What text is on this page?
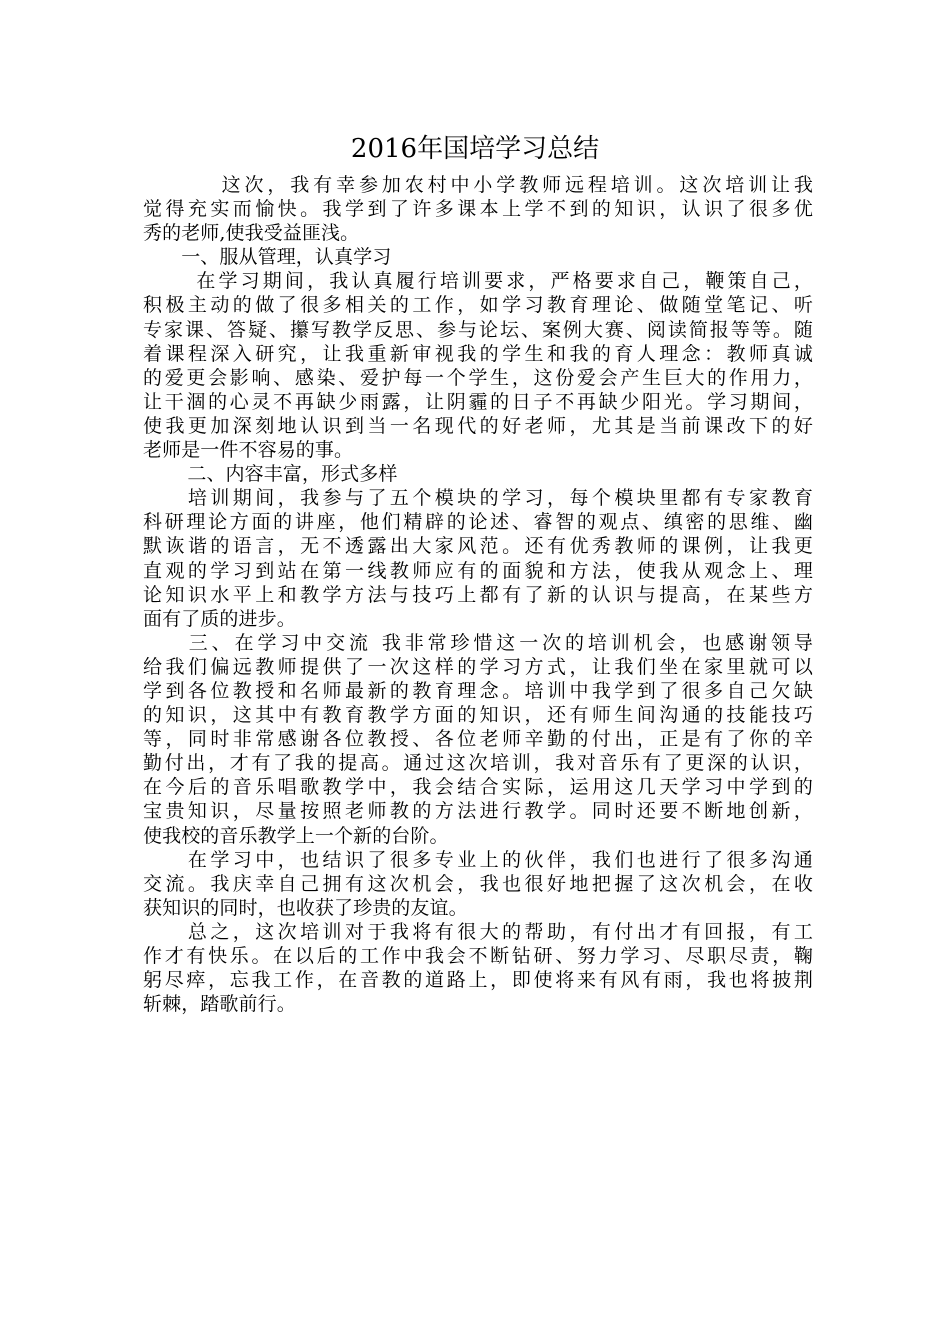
2016年国培学习总结
　　　 这次，我有幸参加农村中小学教师远程培训。这次培训让我
觉得充实而愉快。我学到了许多课本上学不到的知识，认识了很多优
秀的老师,使我受益匪浅。
　　一、服从管理，认真学习
　　 在学习期间，我认真履行培训要求，严格要求自己，鞭策自己，
积极主动的做了很多相关的工作，如学习教育理论、做随堂笔记、听
专家课、答疑、攥写教学反思、参与论坛、案例大赛、阅读简报等等。随
着课程深入研究，让我重新审视我的学生和我的育人理念：教师真诚
的爱更会影响、感染、爱护每一个学生，这份爱会产生巨大的作用力，
让干涸的心灵不再缺少雨露，让阴霾的日子不再缺少阳光。学习期间，
使我更加深刻地认识到当一名现代的好老师，尤其是当前课改下的好
老师是一件不容易的事。
　　 二、内容丰富，形式多样
　　培训期间，我参与了五个模块的学习，每个模块里都有专家教育
科研理论方面的讲座，他们精辟的论述、睿智的观点、缜密的思维、幽
默诙谐的语言，无不透露出大家风范。还有优秀教师的课例，让我更
直观的学习到站在第一线教师应有的面貌和方法，使我从观念上、理
论知识水平上和教学方法与技巧上都有了新的认识与提高，在某些方
面有了质的进步。
　　三、在学习中交流 我非常珍惜这一次的培训机会，也感谢领导
给我们偏远教师提供了一次这样的学习方式，让我们坐在家里就可以
学到各位教授和名师最新的教育理念。培训中我学到了很多自己欠缺
的知识，这其中有教育教学方面的知识，还有师生间沟通的技能技巧
等，同时非常感谢各位教授、各位老师辛勤的付出，正是有了你的辛
勤付出，才有了我的提高。通过这次培训，我对音乐有了更深的认识，
在今后的音乐唱歌教学中，我会结合实际，运用这几天学习中学到的
宝贵知识，尽量按照老师教的方法进行教学。同时还要不断地创新，
使我校的音乐教学上一个新的台阶。
　　在学习中，也结识了很多专业上的伙伴，我们也进行了很多沟通
交流。我庆幸自己拥有这次机会，我也很好地把握了这次机会，在收
获知识的同时，也收获了珍贵的友谊。
　　总之，这次培训对于我将有很大的帮助，有付出才有回报，有工
作才有快乐。在以后的工作中我会不断钻研、努力学习、尽职尽责，鞠
躬尽瘁，忘我工作，在音教的道路上，即使将来有风有雨，我也将披荆
斩棘，踏歌前行。
